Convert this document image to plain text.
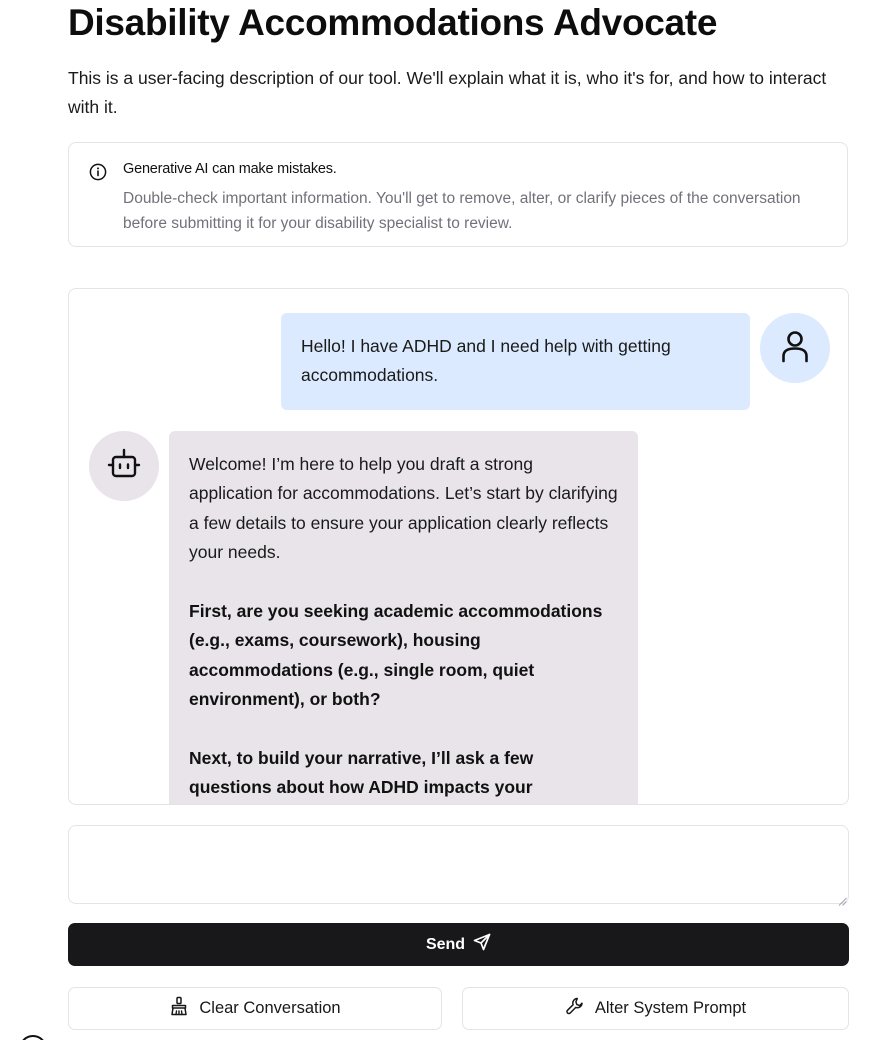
Disability Accommodations Advocate

This is a user-facing description of our tool. We'll explain what it is, who it's for, and how to interact with it.

Generative AI can make mistakes.
Double-check important information. You'll get to remove, alter, or clarify pieces of the conversation before submitting it for your disability specialist to review.
Hello! I have ADHD and I need help with getting accommodations.

Welcome! I’m here to help you draft a strong application for accommodations. Let’s start by clarifying a few details to ensure your application clearly reflects your needs.

First, are you seeking academic accommodations (e.g., exams, coursework), housing accommodations (e.g., single room, quiet environment), or both?

Next, to build your narrative, I’ll ask a few questions about how ADHD impacts your

Send
Clear Conversation	Alter System Prompt
